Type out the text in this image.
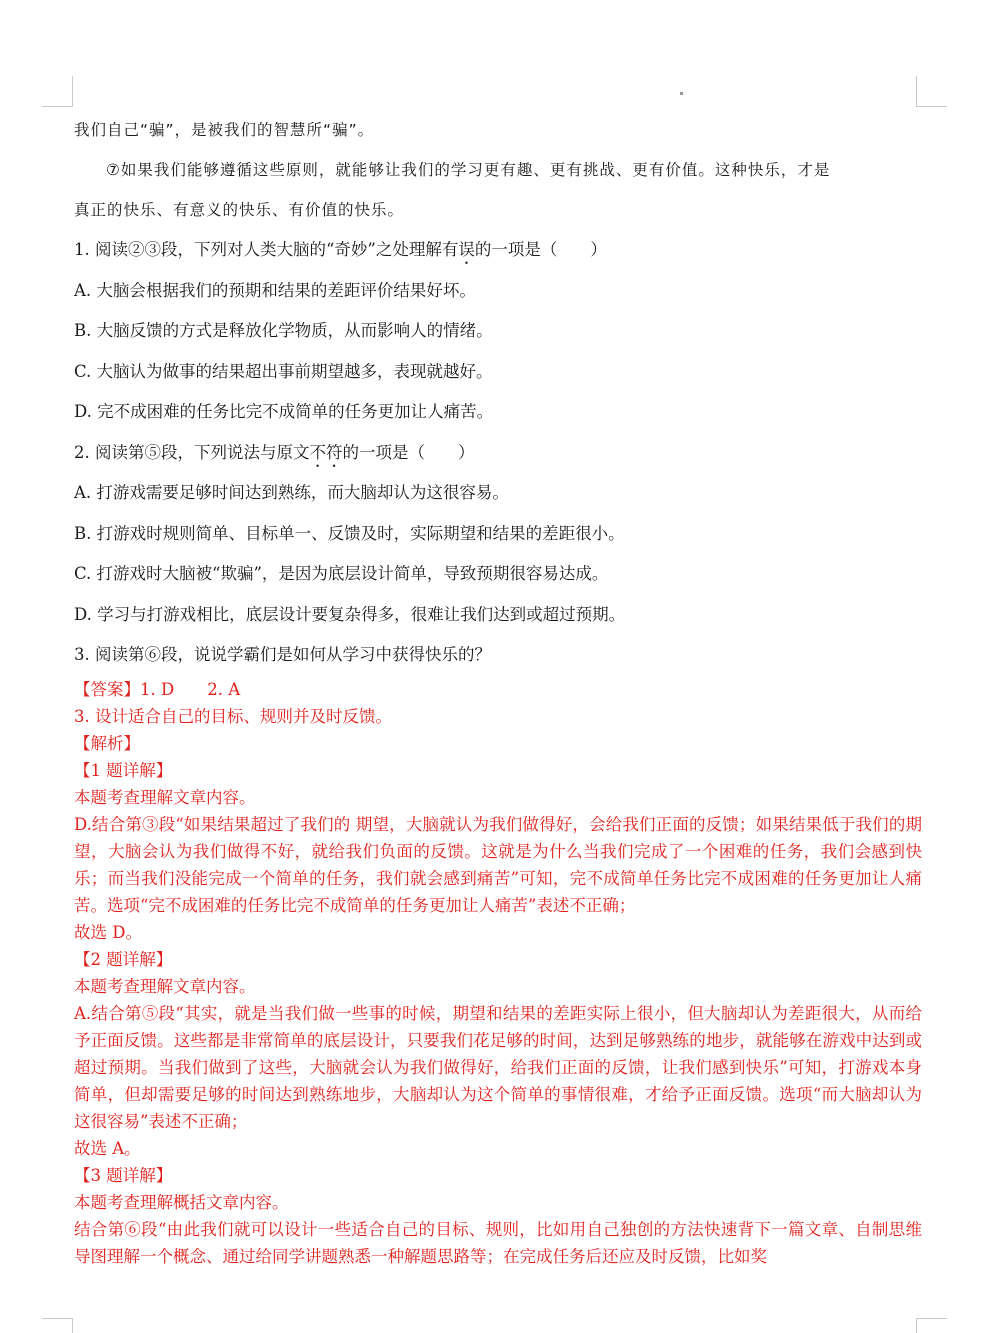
我们自己“骗”，是被我们的智慧所“骗”。
⑦如果我们能够遵循这些原则，就能够让我们的学习更有趣、更有挑战、更有价值。这种快乐，才是
真正的快乐、有意义的快乐、有价值的快乐。
1. 阅读②③段，下列对人类大脑的“奇妙”之处理解有误的一项是（　　）
A. 大脑会根据我们的预期和结果的差距评价结果好坏。
B. 大脑反馈的方式是释放化学物质，从而影响人的情绪。
C. 大脑认为做事的结果超出事前期望越多，表现就越好。
D. 完不成困难的任务比完不成简单的任务更加让人痛苦。
2. 阅读第⑤段，下列说法与原文不符的一项是（　　）
A. 打游戏需要足够时间达到熟练，而大脑却认为这很容易。
B. 打游戏时规则简单、目标单一、反馈及时，实际期望和结果的差距很小。
C. 打游戏时大脑被“欺骗”，是因为底层设计简单，导致预期很容易达成。
D. 学习与打游戏相比，底层设计要复杂得多，很难让我们达到或超过预期。
3. 阅读第⑥段，说说学霸们是如何从学习中获得快乐的？
【答案】1. D　　2. A
3. 设计适合自己的目标、规则并及时反馈。
【解析】
【1 题详解】
本题考查理解文章内容。
D.结合第③段“如果结果超过了我们的 期望，大脑就认为我们做得好，会给我们正面的反馈；如果结果低于我们的期望，大脑会认为我们做得不好，就给我们负面的反馈。这就是为什么当我们完成了一个困难的任务，我们会感到快乐；而当我们没能完成一个简单的任务，我们就会感到痛苦”可知，完不成简单任务比完不成困难的任务更加让人痛苦。选项“完不成困难的任务比完不成简单的任务更加让人痛苦”表述不正确；
故选 D。
【2 题详解】
本题考查理解文章内容。
A.结合第⑤段“其实，就是当我们做一些事的时候，期望和结果的差距实际上很小，但大脑却认为差距很大，从而给予正面反馈。这些都是非常简单的底层设计，只要我们花足够的时间，达到足够熟练的地步，就能够在游戏中达到或超过预期。当我们做到了这些，大脑就会认为我们做得好，给我们正面的反馈，让我们感到快乐”可知，打游戏本身简单，但却需要足够的时间达到熟练地步，大脑却认为这个简单的事情很难，才给予正面反馈。选项“而大脑却认为这很容易”表述不正确；
故选 A。
【3 题详解】
本题考查理解概括文章内容。
结合第⑥段“由此我们就可以设计一些适合自己的目标、规则，比如用自己独创的方法快速背下一篇文章、自制思维导图理解一个概念、通过给同学讲题熟悉一种解题思路等；在完成任务后还应及时反馈，比如奖
